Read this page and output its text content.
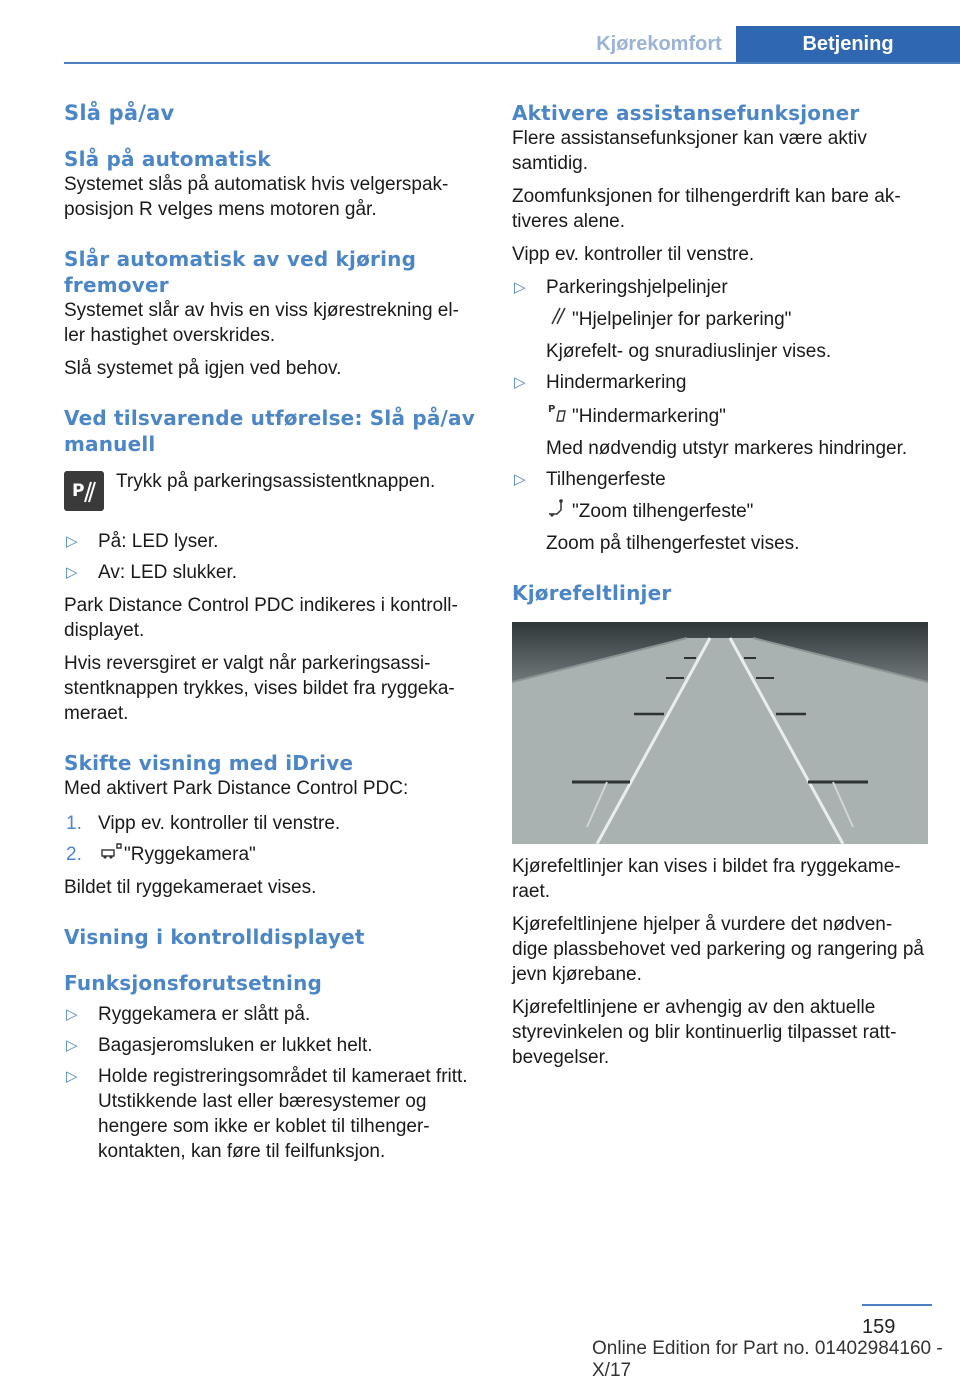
Kjørekomfort	Betjening
Slå på/av
Slå på automatisk

Systemet slås på automatisk hvis velgerspak-posisjon R velges mens motoren går.

Slår automatisk av ved kjøring fremover

Systemet slår av hvis en viss kjørestrekning el-ler hastighet overskrides.

Slå systemet på igjen ved behov.

Ved tilsvarende utførelse: Slå på/av manuell
P Trykk på parkeringsassistentknappen.

▷ På: LED lyser.
▷ Av: LED slukker.

Park Distance Control PDC indikeres i kontroll-displayet.

Hvis reversgiret er valgt når parkeringsassi-stentknappen trykkes, vises bildet fra ryggeka-meraet.

Skifte visning med iDrive

Med aktivert Park Distance Control PDC:

1. Vipp ev. kontroller til venstre.
2. "Ryggekamera"

Bildet til ryggekameraet vises.

Visning i kontrolldisplayet
Funksjonsforutsetning
▷ Ryggekamera er slått på.
▷ Bagasjeromsluken er lukket helt.
▷ Holde registreringsområdet til kameraet fritt. Utstikkende last eller bæresystemer og hengere som ikke er koblet til tilhenger-kontakten, kan føre til feilfunksjon.
Aktivere assistansefunksjoner

Flere assistansefunksjoner kan være aktiv samtidig.

Zoomfunksjonen for tilhengerdrift kan bare ak-tiveres alene.

Vipp ev. kontroller til venstre.

▷ Parkeringshjelpelinjer
"Hjelpelinjer for parkering"
Kjørefelt- og snuradiuslinjer vises.
▷ Hindermarkering
P "Hindermarkering"
Med nødvendig utstyr markeres hindringer.
▷ Tilhengerfeste
"Zoom tilhengerfeste"
Zoom på tilhengerfestet vises.
Kjørefeltlinjer

Kjørefeltlinjer kan vises i bildet fra ryggekame-raet.

Kjørefeltlinjene hjelper å vurdere det nødven-dige plassbehovet ved parkering og rangering på jevn kjørebane.

Kjørefeltlinjene er avhengig av den aktuelle styrevinkelen og blir kontinuerlig tilpasset ratt-bevegelser.

159
Online Edition for Part no. 01402984160 - X/17
